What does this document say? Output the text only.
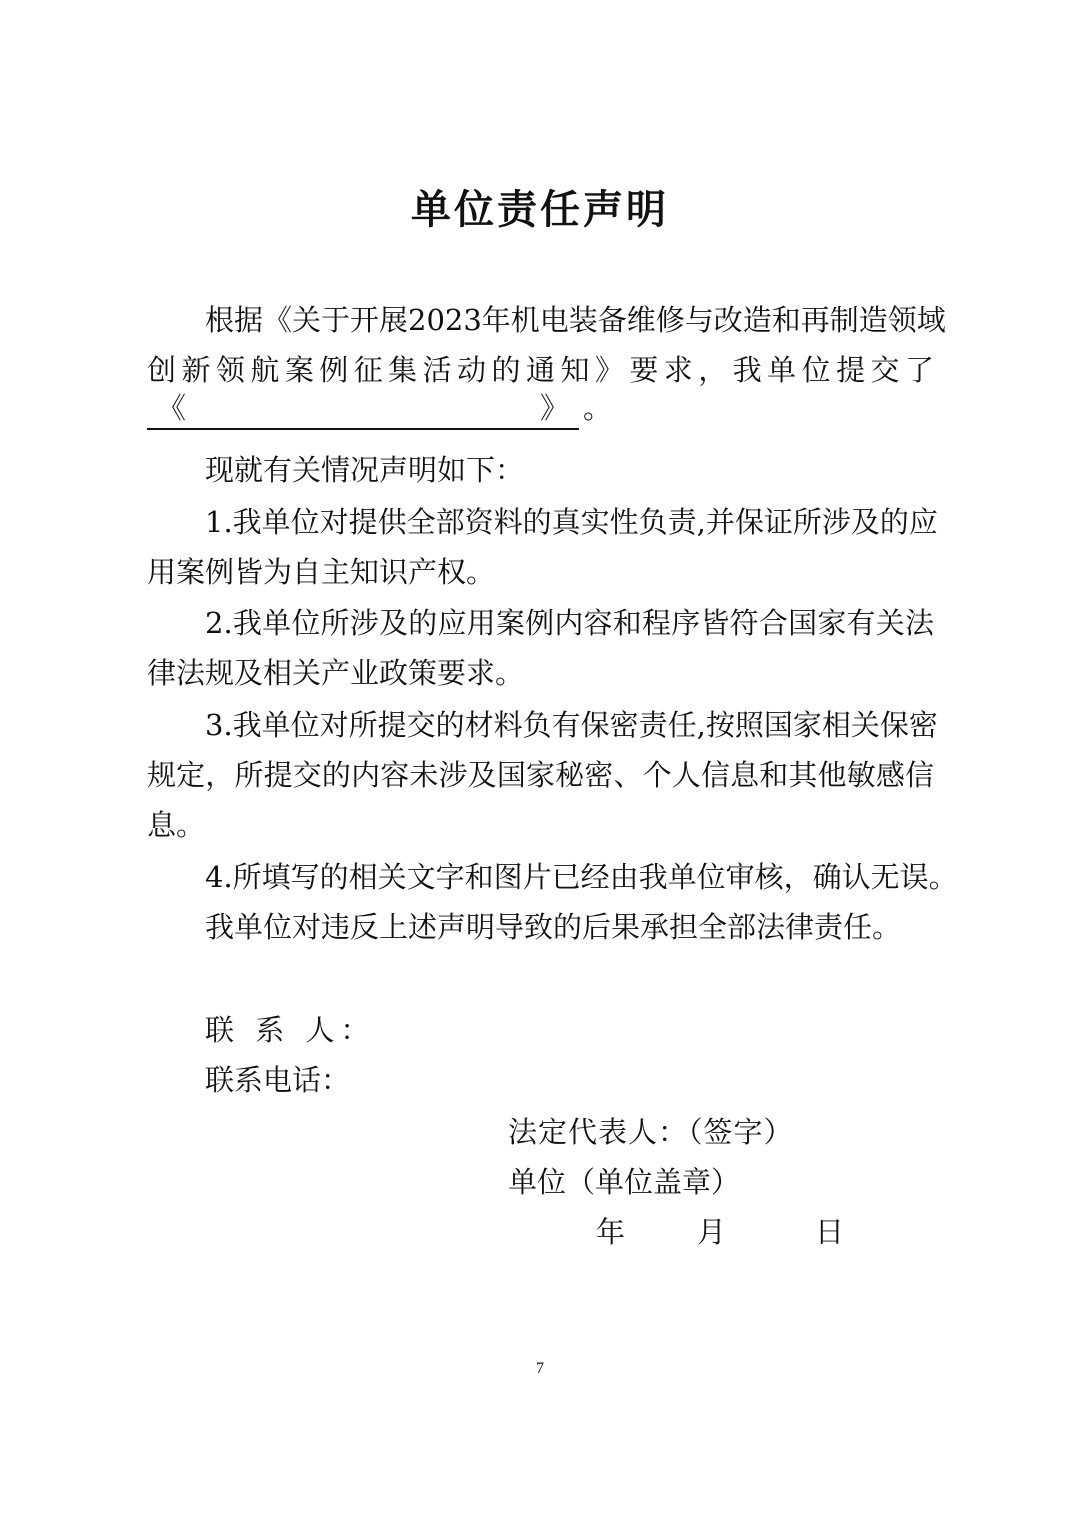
单位责任声明
根据《关于开展2023年机电装备维修与改造和再制造领域
创新领航案例征集活动的通知》要求，我单位提交了
《	》 。
现就有关情况声明如下：
1.我单位对提供全部资料的真实性负责,并保证所涉及的应
用案例皆为自主知识产权。
2.我单位所涉及的应用案例内容和程序皆符合国家有关法
律法规及相关产业政策要求。
3.我单位对所提交的材料负有保密责任,按照国家相关保密
规定，所提交的内容未涉及国家秘密、个人信息和其他敏感信
息。
4.所填写的相关文字和图片已经由我单位审核，确认无误。
我单位对违反上述声明导致的后果承担全部法律责任。
联 系 人：
联系电话：
法定代表人：（签字）
单位（单位盖章）
年 月	日
7
